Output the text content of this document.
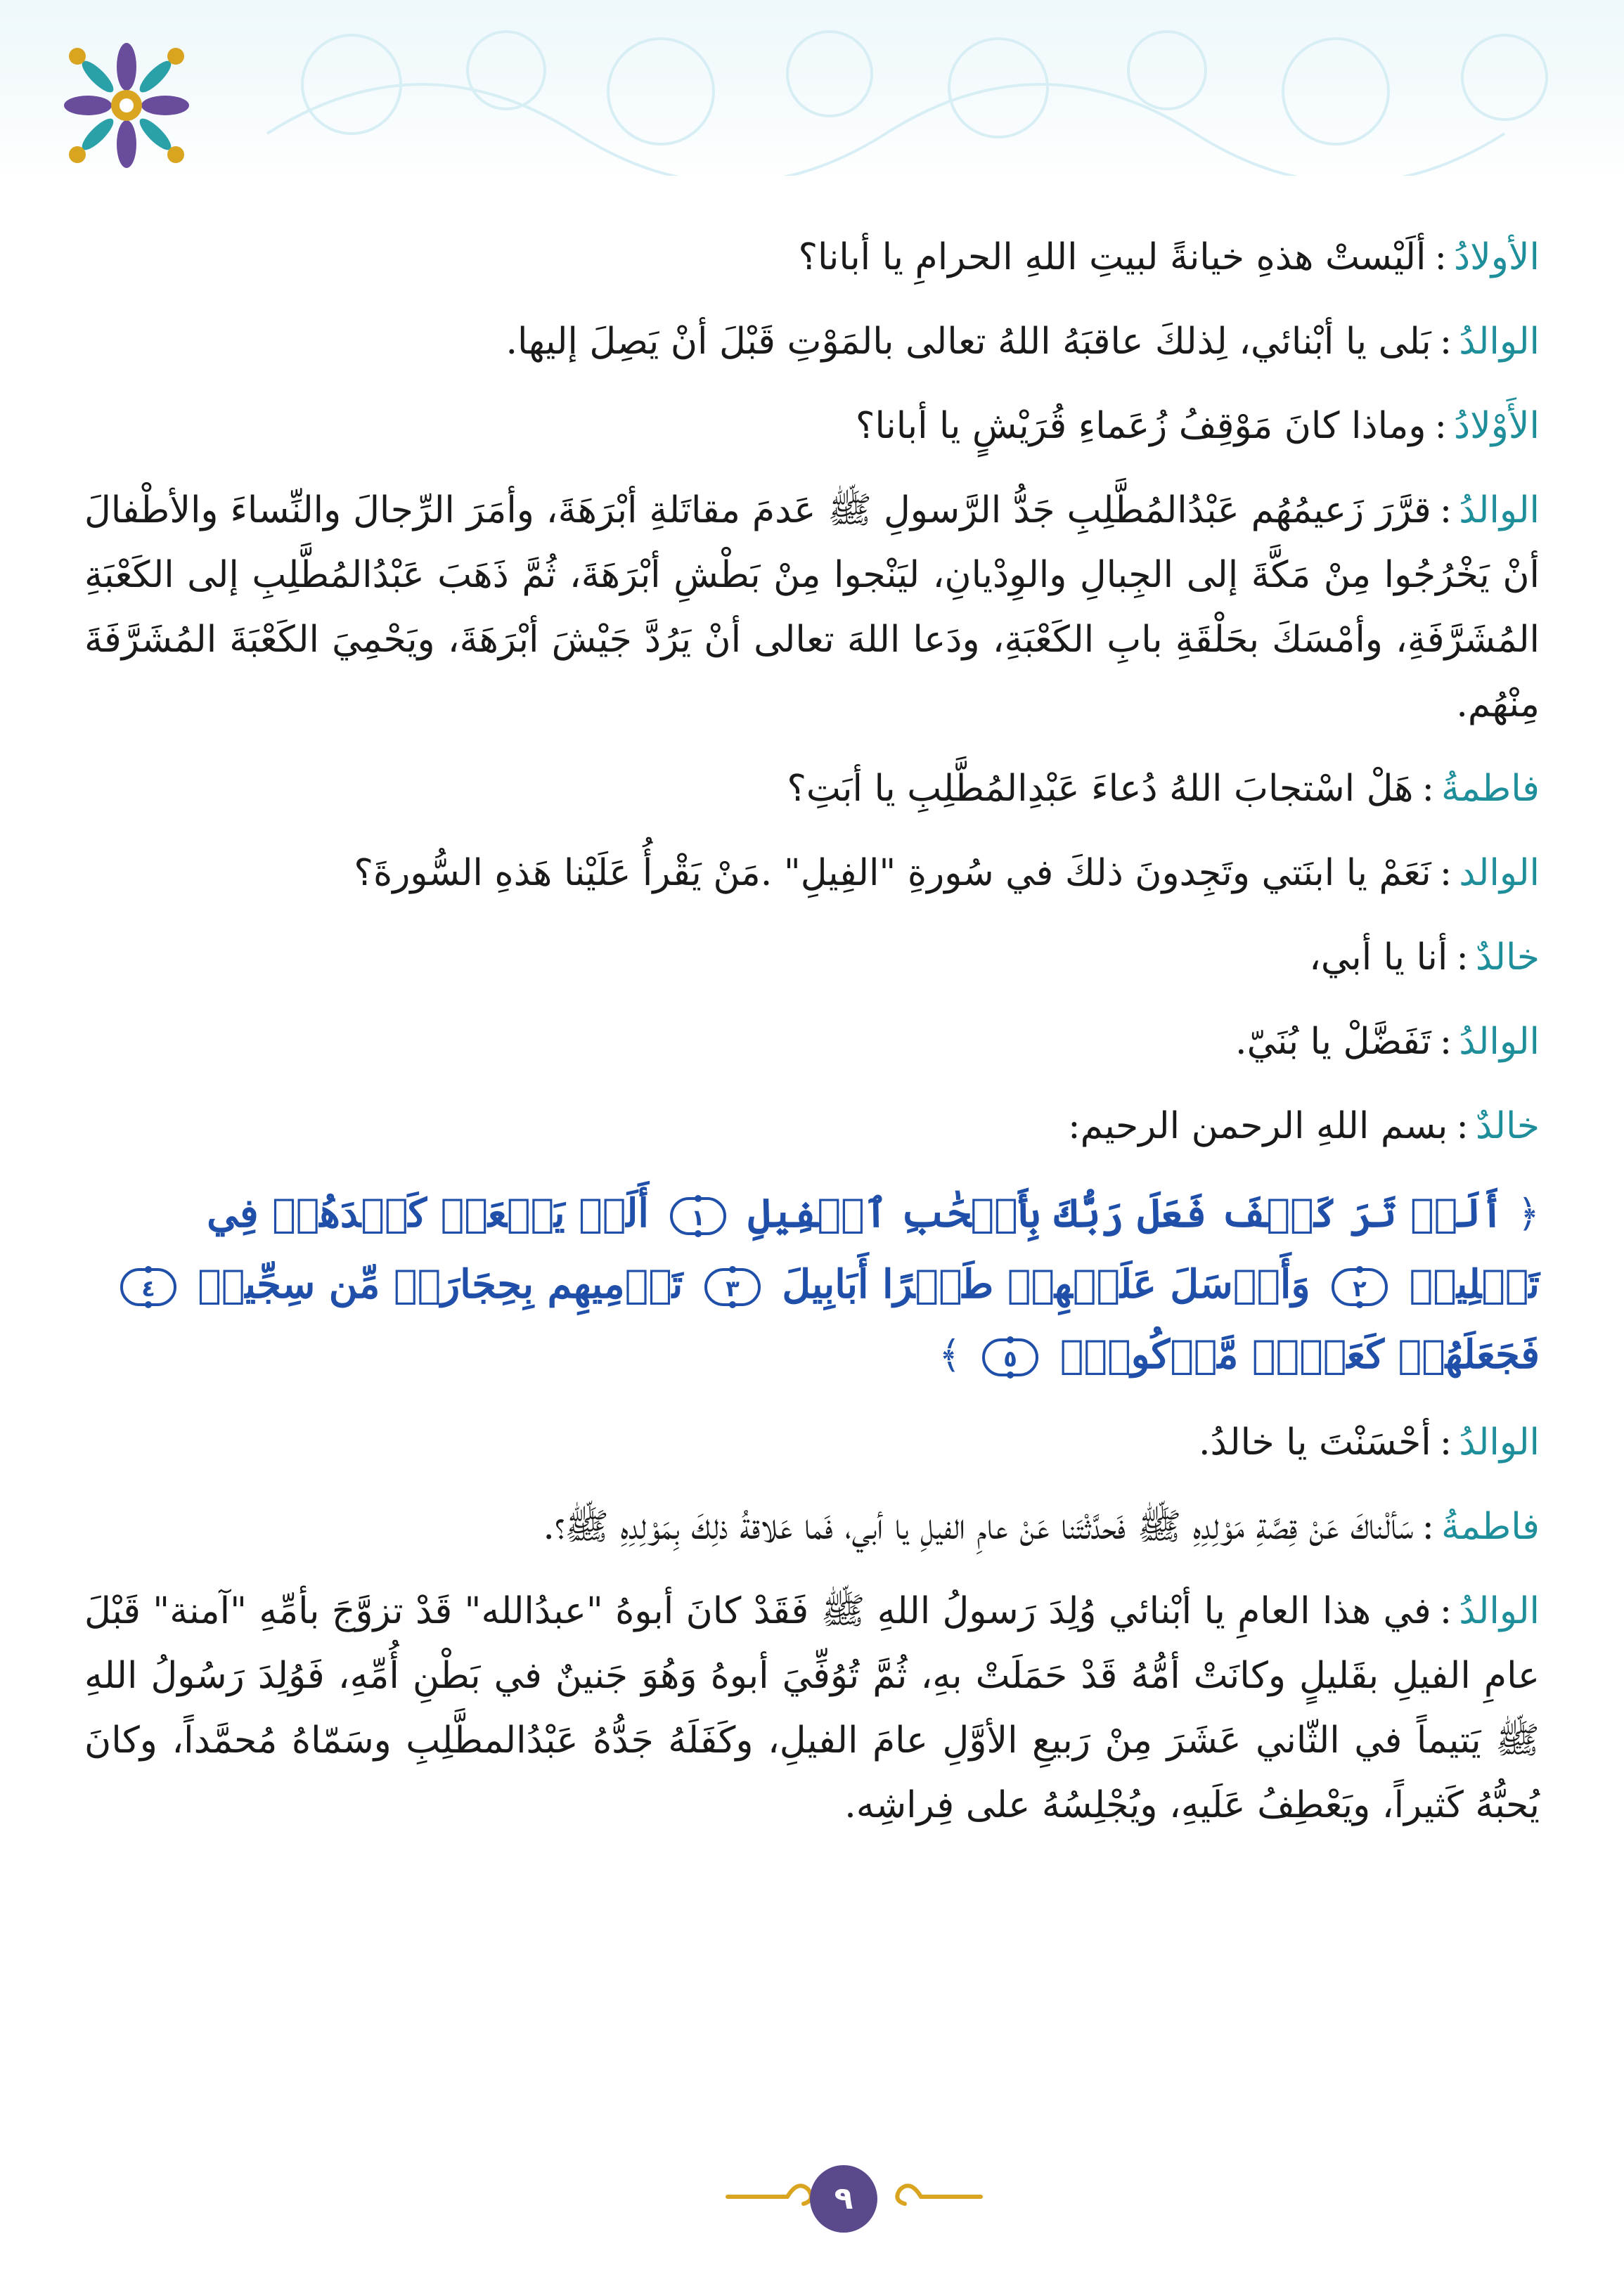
الأولادُ:ألَيْستْ هذهِ خيانةً لبيتِ اللهِ الحرامِ يا أبانا؟

الوالدُ:بَلى يا أبْنائي، لِذلكَ عاقبَهُ اللهُ تعالى بالمَوْتِ قَبْلَ أنْ يَصِلَ إليها.

الأَوْلادُ:وماذا كانَ مَوْقِفُ زُعَماءِ قُرَيْشٍ يا أبانا؟

الوالدُ:قرَّرَ زَعيمُهُم عَبْدُالمُطَّلِبِ جَدُّ الرَّسولِ ﷺ عَدمَ مقاتَلةِ أبْرَهَةَ، وأمَرَ الرِّجالَ والنِّساءَ والأطْفالَ أنْ يَخْرُجُوا مِنْ مَكَّةَ إلى الجِبالِ والوِدْيانِ، ليَنْجوا مِنْ بَطْشِ أبْرَهَةَ، ثُمَّ ذَهَبَ عَبْدُالمُطَّلِبِ إلى الكَعْبَةِ المُشَرَّفَةِ، وأمْسَكَ بحَلْقَةِ بابِ الكَعْبَةِ، ودَعا اللهَ تعالى أنْ يَرُدَّ جَيْشَ أبْرَهَةَ، ويَحْمِيَ الكَعْبَةَ المُشَرَّفَةَ مِنْهُم.

فاطمةُ:هَلْ اسْتجابَ اللهُ دُعاءَ عَبْدِالمُطَّلِبِ يا أبَتِ؟

الوالد:نَعَمْ يا ابنَتي وتَجِدونَ ذلكَ في سُورةِ "الفِيلِ" .مَنْ يَقْرأُ عَلَيْنا هَذهِ السُّورةَ؟

خالدٌ:أنا يا أبي،

الوالدُ:تَفَضَّلْ يا بُنَيّ.

خالدٌ:بسم اللهِ الرحمن الرحيم:

﴿ أَلَمۡ تَرَ كَيۡفَ فَعَلَ رَبُّكَ بِأَصۡحَٰبِ ٱلۡفِيلِ
١
أَلَمۡ يَجۡعَلۡ كَيۡدَهُمۡ فِي تَضۡلِيلٖ
٢
وَأَرۡسَلَ عَلَيۡهِمۡ طَيۡرًا أَبَابِيلَ
٣
تَرۡمِيهِم بِحِجَارَةٖ مِّن سِجِّيلٖ
٤
فَجَعَلَهُمۡ كَعَصۡفٖ مَّأۡكُولِۭ
٥
﴾

الوالدُ:أحْسَنْتَ يا خالدُ.

فاطمةُ:سَألْناكَ عَنْ قِصَّةِ مَوْلِدِهِ ﷺ فَحدَّثْتَنا عَنْ عامِ الفيلِ يا أبي، فَما عَلاقةُ ذلِكَ بِمَوْلِدِهِ ﷺ؟.

الوالدُ:في هذا العامِ يا أبْنائي وُلِدَ رَسولُ اللهِ ﷺ فَقَدْ كانَ أبوهُ "عبدُالله" قَدْ تزوَّجَ بأمِّهِ "آمنة" قَبْلَ عامِ الفيلِ بقَليلٍ وكانَتْ أمُّهُ قَدْ حَمَلَتْ بهِ، ثُمَّ تُوُفِّيَ أبوهُ وَهُوَ جَنينٌ في بَطْنِ أُمِّهِ، فَوُلِدَ رَسُولُ اللهِ ﷺ يَتيماً في الثّاني عَشَرَ مِنْ رَبيعِ الأوَّلِ عامَ الفيلِ، وكَفَلَهُ جَدُّهُ عَبْدُالمطَّلِبِ وسَمّاهُ مُحمَّداً، وكانَ يُحبُّهُ كَثيراً، ويَعْطِفُ عَلَيهِ، ويُجْلِسُهُ على فِراشِه.

٩
